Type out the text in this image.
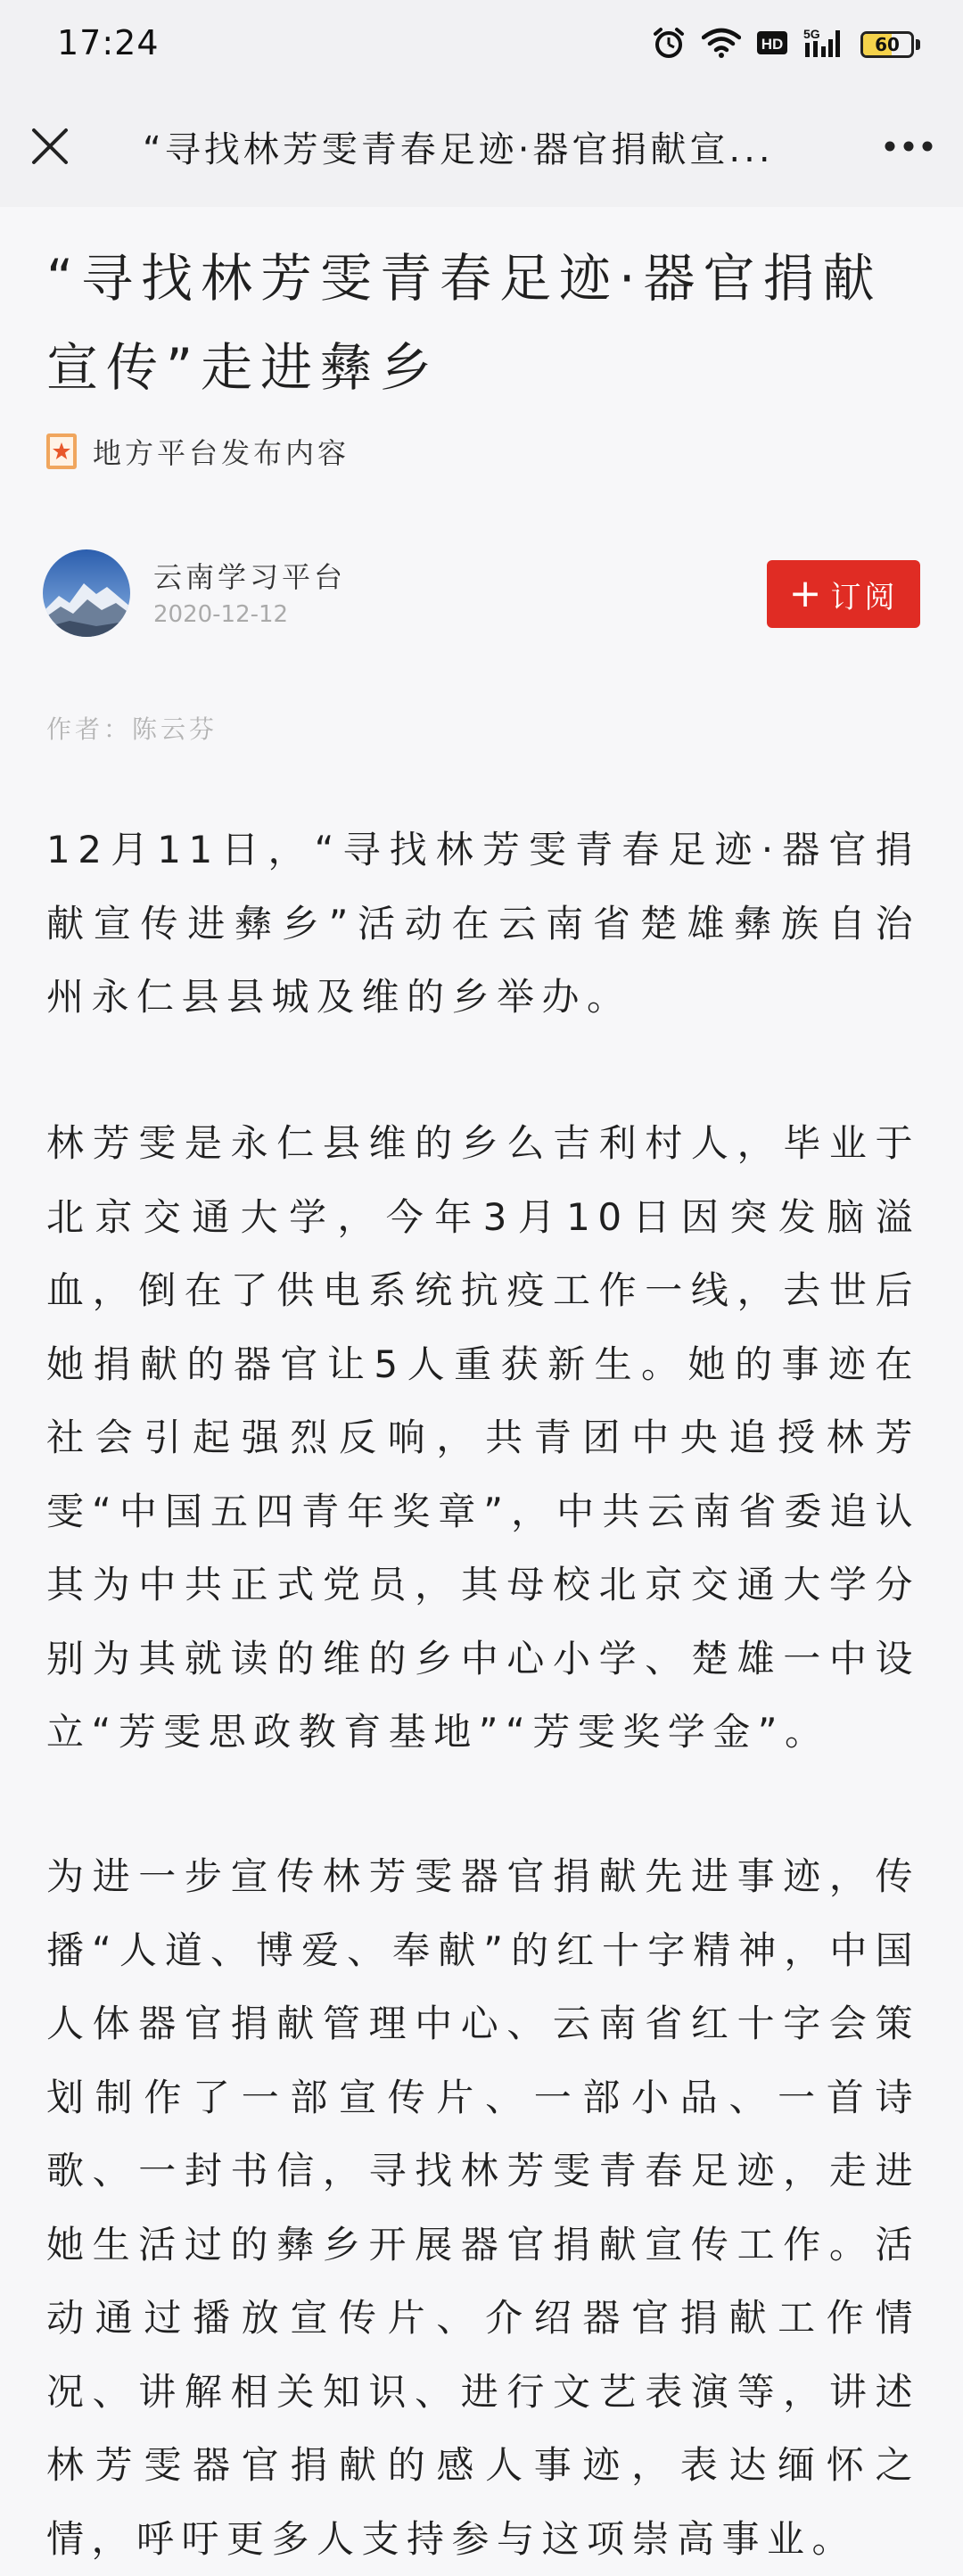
17:24	HD
5G	60
“寻找林芳雯青春足迹·器官捐献宣...
“寻找林芳雯青春足迹·器官捐献宣传”走进彝乡
地方平台发布内容
云南学习平台
2020-12-12	+ 订阅
作者：陈云芬

12月11日，“寻找林芳雯青春足迹·器官捐献宣传进彝乡”活动在云南省楚雄彝族自治州永仁县县城及维的乡举办。

林芳雯是永仁县维的乡么吉利村人，毕业于北京交通大学，今年3月10日因突发脑溢血，倒在了供电系统抗疫工作一线，去世后她捐献的器官让5人重获新生。她的事迹在社会引起强烈反响，共青团中央追授林芳雯“中国五四青年奖章”，中共云南省委追认其为中共正式党员，其母校北京交通大学分别为其就读的维的乡中心小学、楚雄一中设立“芳雯思政教育基地”“芳雯奖学金”。

为进一步宣传林芳雯器官捐献先进事迹，传播“人道、博爱、奉献”的红十字精神，中国人体器官捐献管理中心、云南省红十字会策划制作了一部宣传片、一部小品、一首诗歌、一封书信，寻找林芳雯青春足迹，走进她生活过的彝乡开展器官捐献宣传工作。活动通过播放宣传片、介绍器官捐献工作情况、讲解相关知识、进行文艺表演等，讲述林芳雯器官捐献的感人事迹，表达缅怀之情，呼吁更多人支持参与这项崇高事业。
